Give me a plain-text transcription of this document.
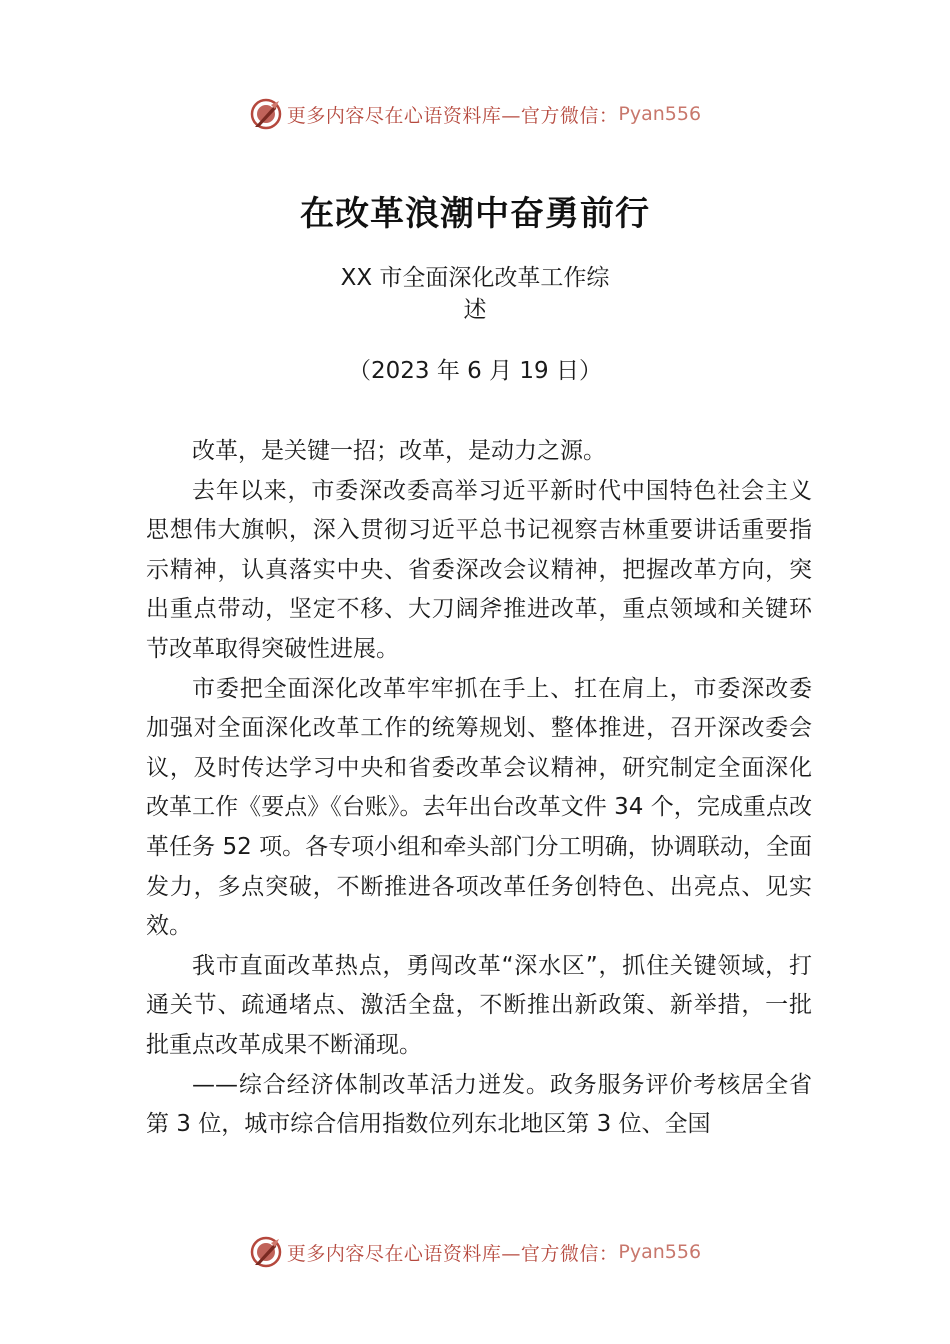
更多内容尽在心语资料库—官方微信： Pyan556
在改革浪潮中奋勇前行
XX 市全面深化改革工作综
述
（2023 年 6 月 19 日）

改革，是关键一招；改革，是动力之源。

去年以来，市委深改委高举习近平新时代中国特色社会主义思想伟大旗帜，深入贯彻习近平总书记视察吉林重要讲话重要指示精神，认真落实中央、省委深改会议精神，把握改革方向，突出重点带动，坚定不移、大刀阔斧推进改革，重点领域和关键环节改革取得突破性进展。

市委把全面深化改革牢牢抓在手上、扛在肩上，市委深改委加强对全面深化改革工作的统筹规划、整体推进，召开深改委会议，及时传达学习中央和省委改革会议精神，研究制定全面深化改革工作《要点》《台账》。去年出台改革文件 34 个，完成重点改革任务 52 项。各专项小组和牵头部门分工明确，协调联动，全面发力，多点突破，不断推进各项改革任务创特色、出亮点、见实效。

我市直面改革热点，勇闯改革“深水区”，抓住关键领域，打通关节、疏通堵点、激活全盘，不断推出新政策、新举措，一批批重点改革成果不断涌现。

——综合经济体制改革活力迸发。政务服务评价考核居全省第 3 位，城市综合信用指数位列东北地区第 3 位、全国

更多内容尽在心语资料库—官方微信： Pyan556
